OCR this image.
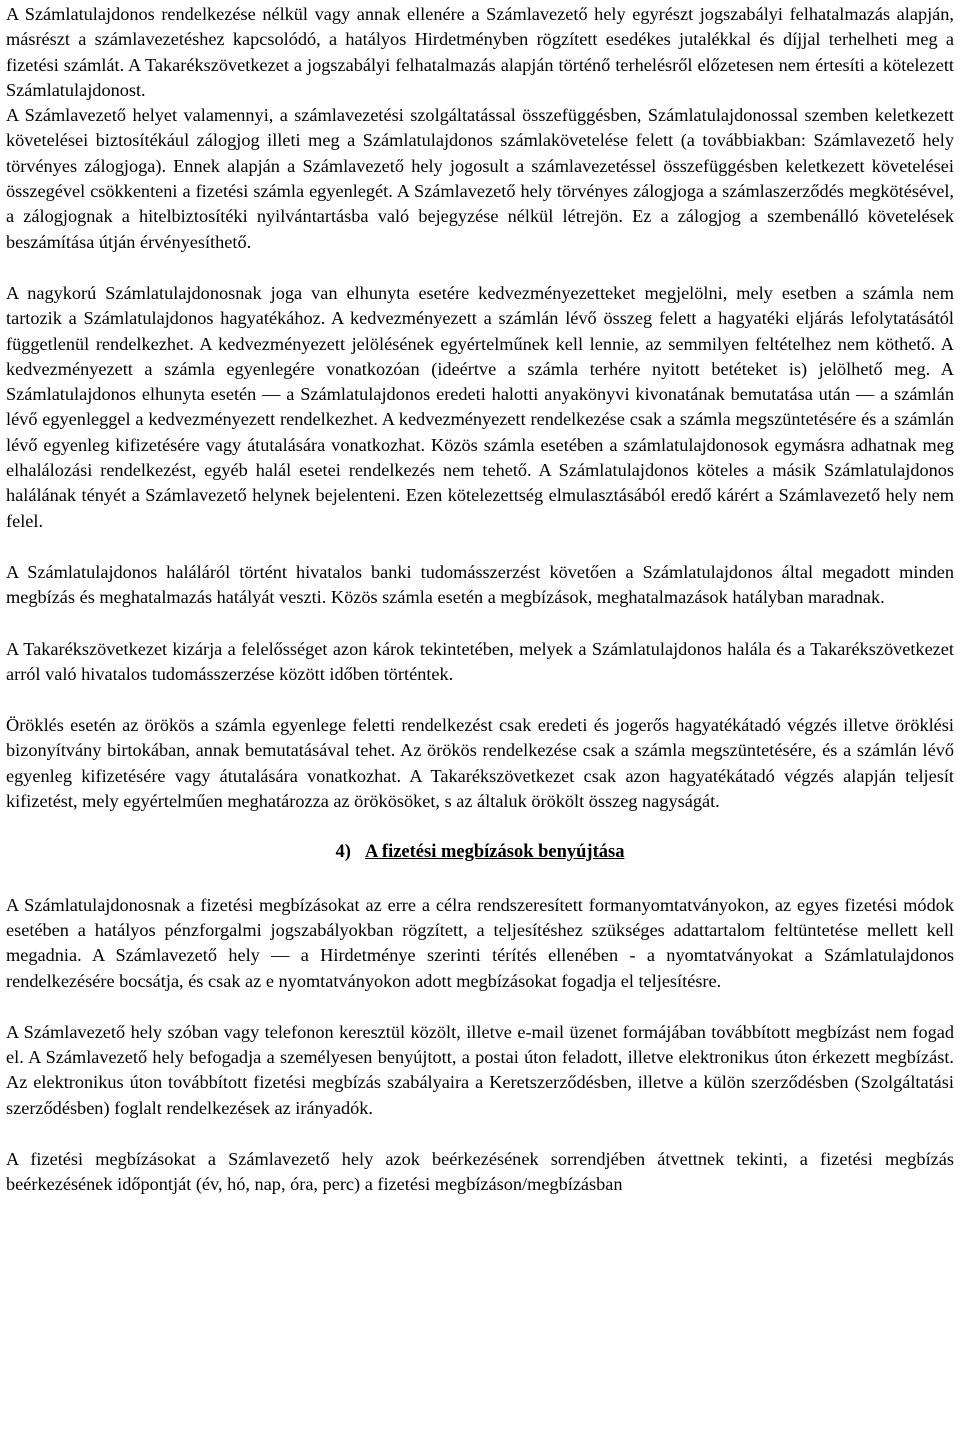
A Számlatulajdonos rendelkezése nélkül vagy annak ellenére a Számlavezető hely egyrészt jogszabályi felhatalmazás alapján, másrészt a számlavezetéshez kapcsolódó, a hatályos Hirdetményben rögzített esedékes jutalékkal és díjjal terhelheti meg a fizetési számlát. A Takarékszövetkezet a jogszabályi felhatalmazás alapján történő terhelésről előzetesen nem értesíti a kötelezett Számlatulajdonost.

A Számlavezető helyet valamennyi, a számlavezetési szolgáltatással összefüggésben, Számlatulajdonossal szemben keletkezett követelései biztosítékául zálogjog illeti meg a Számlatulajdonos számlakövetelése felett (a továbbiakban: Számlavezető hely törvényes zálogjoga). Ennek alapján a Számlavezető hely jogosult a számlavezetéssel összefüggésben keletkezett követelései összegével csökkenteni a fizetési számla egyenlegét. A Számlavezető hely törvényes zálogjoga a számlaszerződés megkötésével, a zálogjognak a hitelbiztosítéki nyilvántartásba való bejegyzése nélkül létrejön. Ez a zálogjog a szembenálló követelések beszámítása útján érvényesíthető.

A nagykorú Számlatulajdonosnak joga van elhunyta esetére kedvezményezetteket megjelölni, mely esetben a számla nem tartozik a Számlatulajdonos hagyatékához. A kedvezményezett a számlán lévő összeg felett a hagyatéki eljárás lefolytatásától függetlenül rendelkezhet. A kedvezményezett jelölésének egyértelműnek kell lennie, az semmilyen feltételhez nem köthető. A kedvezményezett a számla egyenlegére vonatkozóan (ideértve a számla terhére nyitott betéteket is) jelölhető meg. A Számlatulajdonos elhunyta esetén — a Számlatulajdonos eredeti halotti anyakönyvi kivonatának bemutatása után — a számlán lévő egyenleggel a kedvezményezett rendelkezhet. A kedvezményezett rendelkezése csak a számla megszüntetésére és a számlán lévő egyenleg kifizetésére vagy átutalására vonatkozhat. Közös számla esetében a számlatulajdonosok egymásra adhatnak meg elhalálozási rendelkezést, egyéb halál esetei rendelkezés nem tehető. A Számlatulajdonos köteles a másik Számlatulajdonos halálának tényét a Számlavezető helynek bejelenteni. Ezen kötelezettség elmulasztásából eredő kárért a Számlavezető hely nem felel.

A Számlatulajdonos haláláról történt hivatalos banki tudomásszerzést követően a Számlatulajdonos által megadott minden megbízás és meghatalmazás hatályát veszti. Közös számla esetén a megbízások, meghatalmazások hatályban maradnak.

A Takarékszövetkezet kizárja a felelősséget azon károk tekintetében, melyek a Számlatulajdonos halála és a Takarékszövetkezet arról való hivatalos tudomásszerzése között időben történtek.

Öröklés esetén az örökös a számla egyenlege feletti rendelkezést csak eredeti és jogerős hagyatékátadó végzés illetve öröklési bizonyítvány birtokában, annak bemutatásával tehet. Az örökös rendelkezése csak a számla megszüntetésére, és a számlán lévő egyenleg kifizetésére vagy átutalására vonatkozhat. A Takarékszövetkezet csak azon hagyatékátadó végzés alapján teljesít kifizetést, mely egyértelműen meghatározza az örökösöket, s az általuk örökölt összeg nagyságát.

4) A fizetési megbízások benyújtása

A Számlatulajdonosnak a fizetési megbízásokat az erre a célra rendszeresített formanyomtatványokon, az egyes fizetési módok esetében a hatályos pénzforgalmi jogszabályokban rögzített, a teljesítéshez szükséges adattartalom feltüntetése mellett kell megadnia. A Számlavezető hely — a Hirdetménye szerinti térítés ellenében - a nyomtatványokat a Számlatulajdonos rendelkezésére bocsátja, és csak az e nyomtatványokon adott megbízásokat fogadja el teljesítésre.

A Számlavezető hely szóban vagy telefonon keresztül közölt, illetve e-mail üzenet formájában továbbított megbízást nem fogad el. A Számlavezető hely befogadja a személyesen benyújtott, a postai úton feladott, illetve elektronikus úton érkezett megbízást. Az elektronikus úton továbbított fizetési megbízás szabályaira a Keretszerződésben, illetve a külön szerződésben (Szolgáltatási szerződésben) foglalt rendelkezések az irányadók.

A fizetési megbízásokat a Számlavezető hely azok beérkezésének sorrendjében átvettnek tekinti, a fizetési megbízás beérkezésének időpontját (év, hó, nap, óra, perc) a fizetési megbízáson/megbízásban
